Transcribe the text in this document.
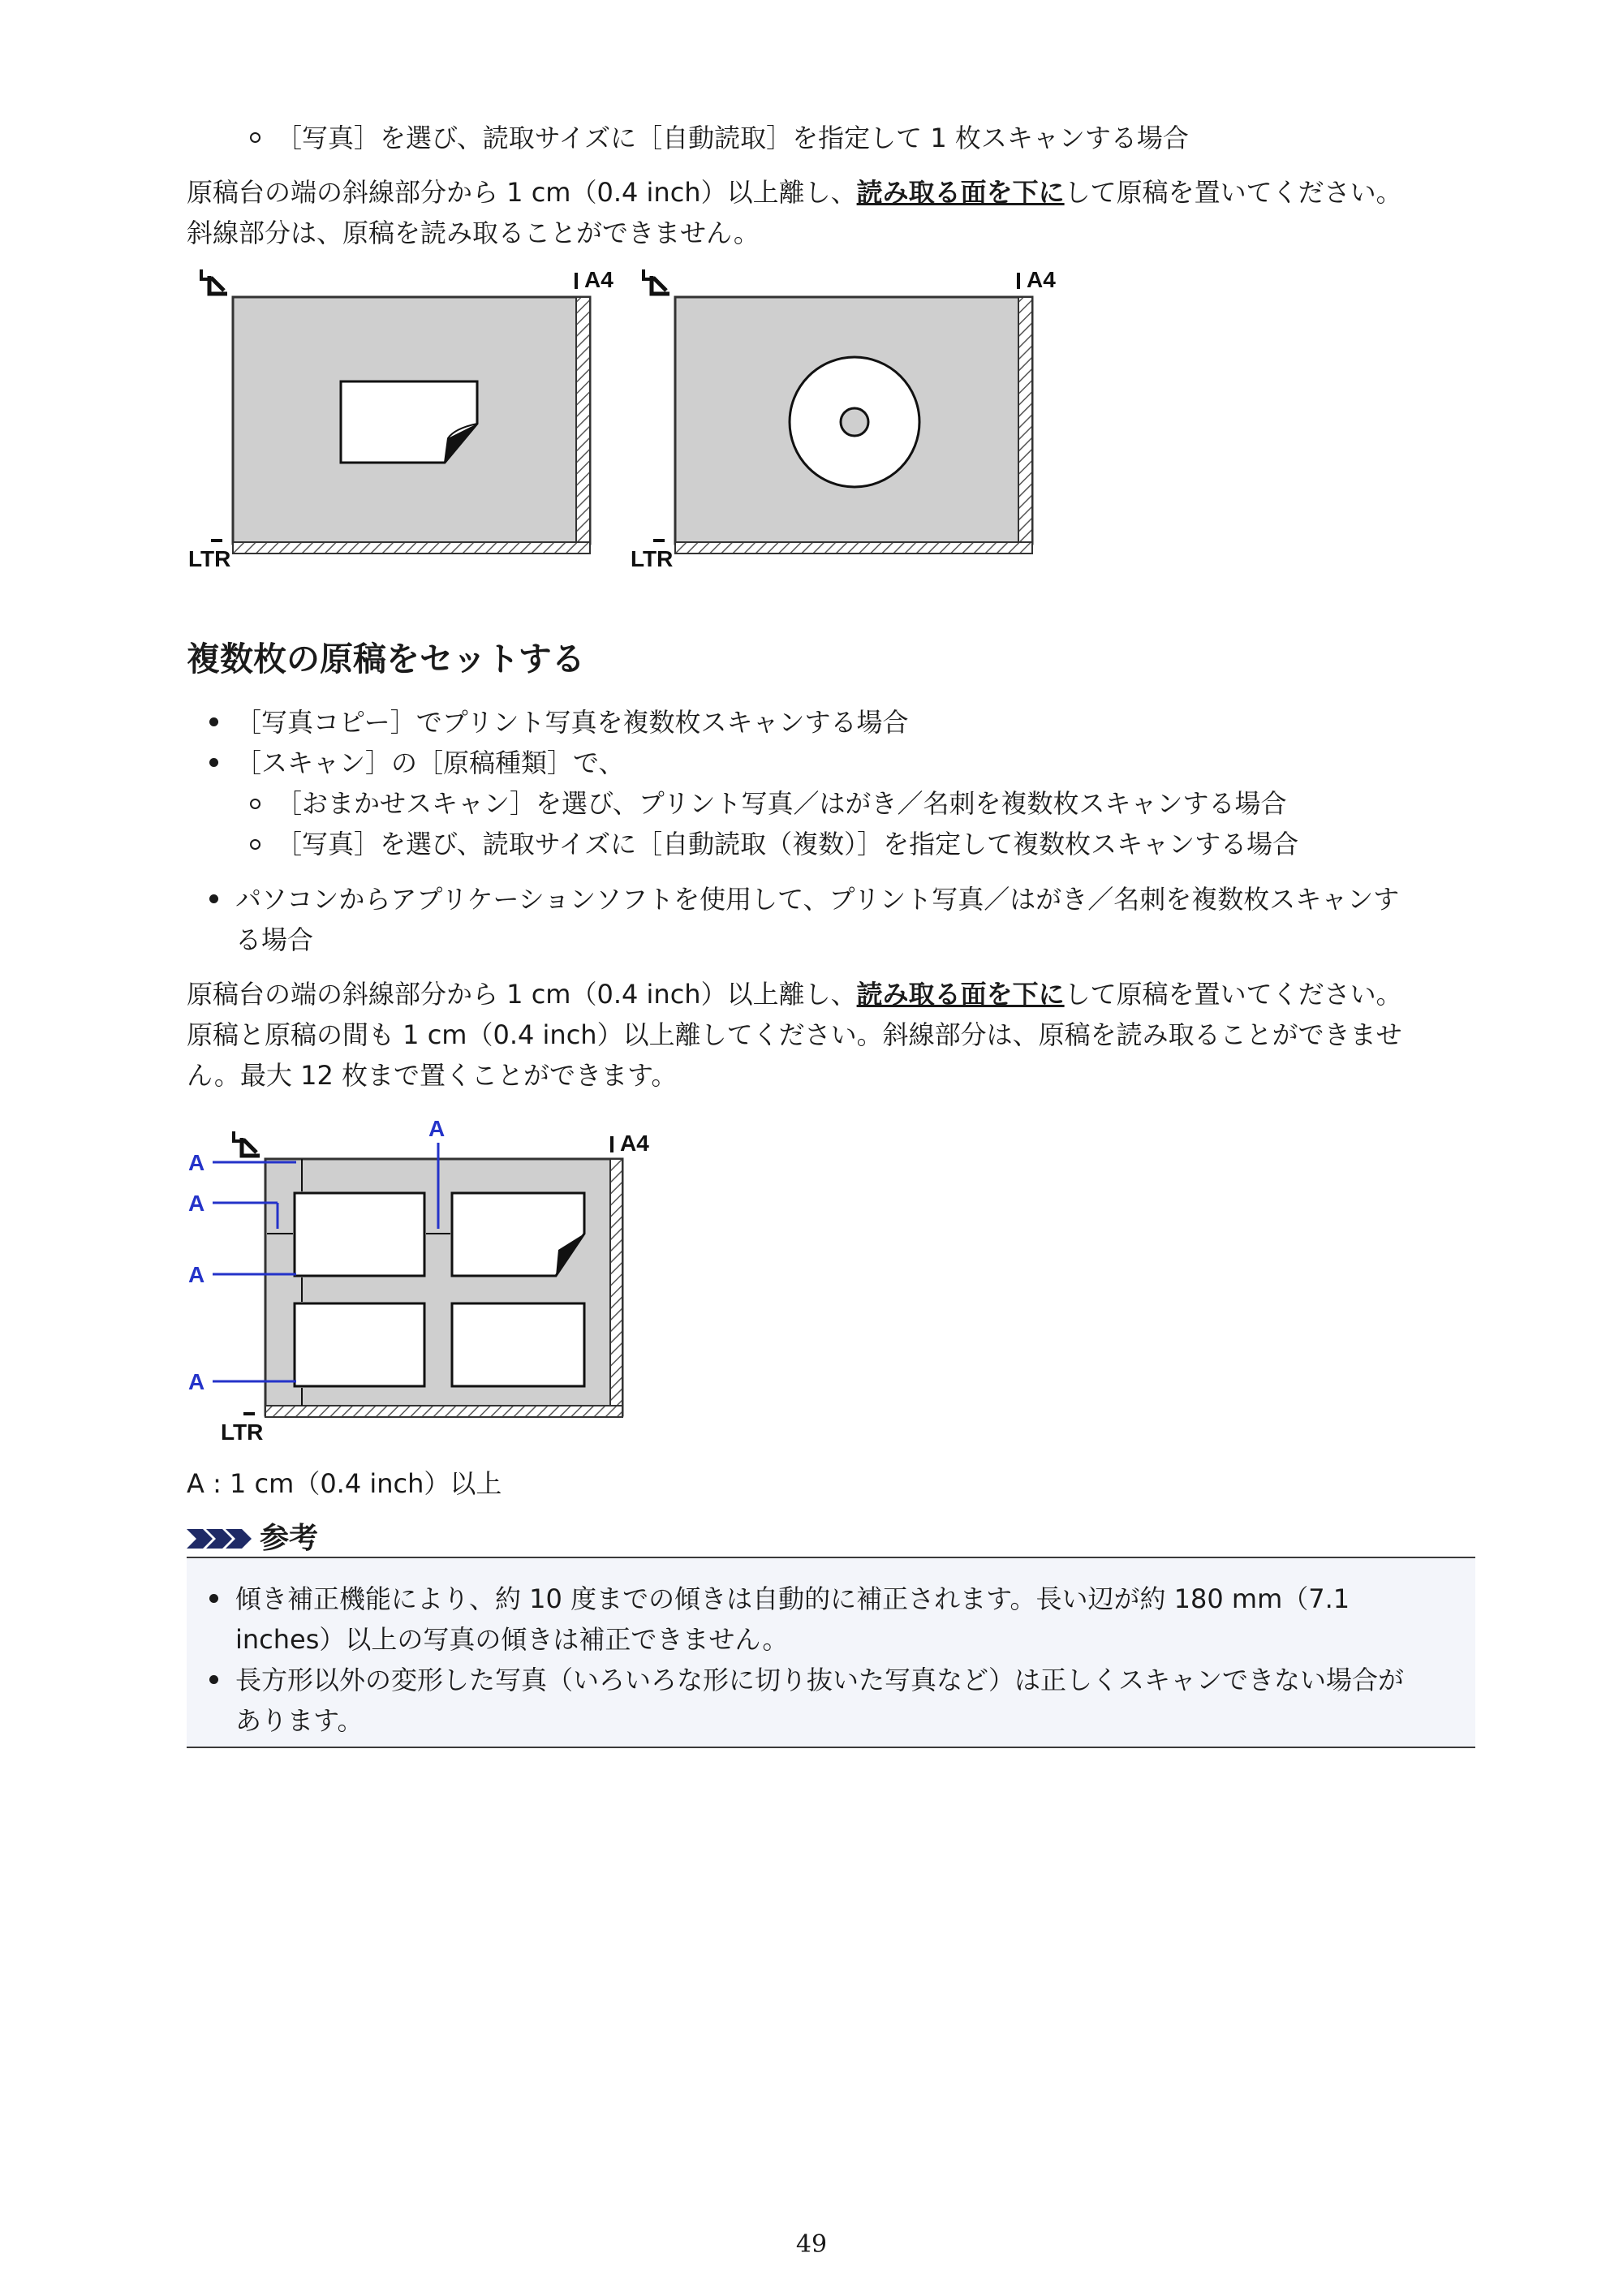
［写真］を選び、読取サイズに［自動読取］を指定して 1 枚スキャンする場合
原稿台の端の斜線部分から 1 cm（0.4 inch）以上離し、読み取る面を下にして原稿を置いてください。
斜線部分は、原稿を読み取ることができません。
A4
LTR
A4
LTR
複数枚の原稿をセットする
［写真コピー］でプリント写真を複数枚スキャンする場合
［スキャン］の［原稿種類］で、
［おまかせスキャン］を選び、プリント写真／はがき／名刺を複数枚スキャンする場合
［写真］を選び、読取サイズに［自動読取（複数）］を指定して複数枚スキャンする場合
パソコンからアプリケーションソフトを使用して、プリント写真／はがき／名刺を複数枚スキャンす
る場合
原稿台の端の斜線部分から 1 cm（0.4 inch）以上離し、読み取る面を下にして原稿を置いてください。
原稿と原稿の間も 1 cm（0.4 inch）以上離してください。斜線部分は、原稿を読み取ることができませ
ん。最大 12 枚まで置くことができます。
A4
A
A
A
A
A
LTR
A : 1 cm（0.4 inch）以上
参考
傾き補正機能により、約 10 度までの傾きは自動的に補正されます。長い辺が約 180 mm（7.1
inches）以上の写真の傾きは補正できません。
長方形以外の変形した写真（いろいろな形に切り抜いた写真など）は正しくスキャンできない場合が
あります。
49
